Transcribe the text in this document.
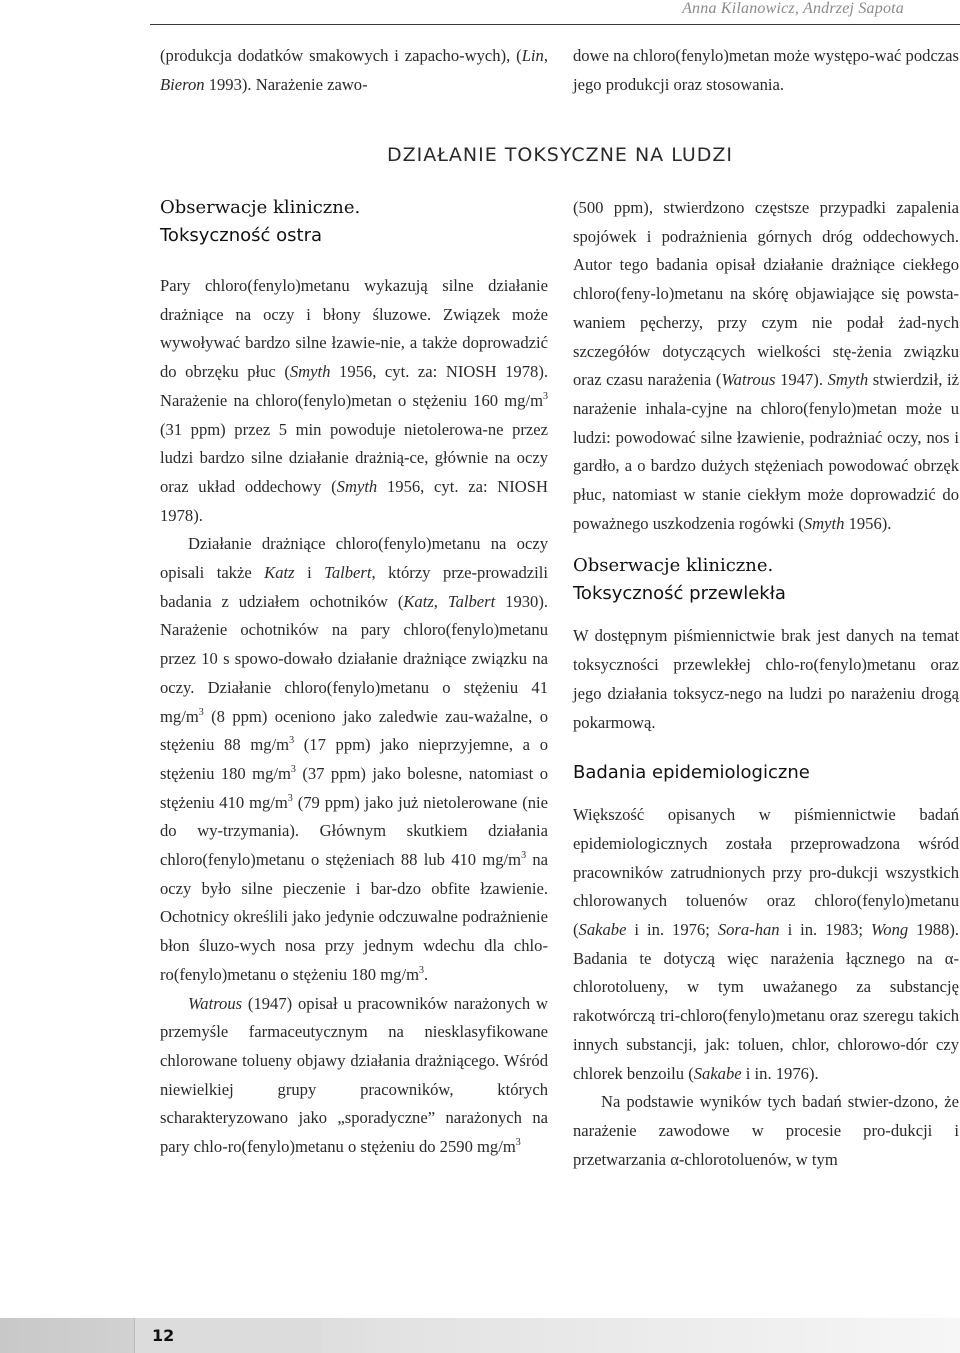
Anna Kilanowicz, Andrzej Sapota
(produkcja dodatków smakowych i zapacho-wych), (Lin, Bieron 1993). Narażenie zawo-
dowe na chloro(fenylo)metan może występo-wać podczas jego produkcji oraz stosowania.
DZIAŁANIE TOKSYCZNE NA LUDZI
Obserwacje kliniczne.
Toksyczność ostra

Pary chloro(fenylo)metanu wykazują silne działanie drażniące na oczy i błony śluzowe. Związek może wywoływać bardzo silne łzawie-nie, a także doprowadzić do obrzęku płuc (Smyth 1956, cyt. za: NIOSH 1978). Narażenie na chloro(fenylo)metan o stężeniu 160 $mg/m^3$ (31 ppm) przez 5 min powoduje nietolerowa-ne przez ludzi bardzo silne działanie drażnią-ce, głównie na oczy oraz układ oddechowy (Smyth 1956, cyt. za: NIOSH 1978).

Działanie drażniące chloro(fenylo)metanu na oczy opisali także Katz i Talbert, którzy prze-prowadzili badania z udziałem ochotników (Katz, Talbert 1930). Narażenie ochotników na pary chloro(fenylo)metanu przez 10 s spowo-dowało działanie drażniące związku na oczy. Działanie chloro(fenylo)metanu o stężeniu 41 $mg/m^3$ (8 ppm) oceniono jako zaledwie zau-ważalne, o stężeniu 88 $mg/m^3$ (17 ppm) jako nieprzyjemne, a o stężeniu 180 $mg/m^3$ (37 ppm) jako bolesne, natomiast o stężeniu 410 $mg/m^3$ (79 ppm) jako już nietolerowane (nie do wy-trzymania). Głównym skutkiem działania chloro(fenylo)metanu o stężeniach 88 lub 410 $mg/m^3$ na oczy było silne pieczenie i bar-dzo obfite łzawienie. Ochotnicy określili jako jedynie odczuwalne podrażnienie błon śluzo-wych nosa przy jednym wdechu dla chlo-ro(fenylo)metanu o stężeniu 180 $mg/m^3$.

Watrous (1947) opisał u pracowników narażonych w przemyśle farmaceutycznym na niesklasyfikowane chlorowane tolueny objawy działania drażniącego. Wśród niewielkiej grupy pracowników, których scharakteryzowano jako „sporadyczne” narażonych na pary chlo-ro(fenylo)metanu o stężeniu do 2590 $mg/m^3$

(500 ppm), stwierdzono częstsze przypadki zapalenia spojówek i podrażnienia górnych dróg oddechowych. Autor tego badania opisał działanie drażniące ciekłego chloro(feny-lo)metanu na skórę objawiające się powsta-waniem pęcherzy, przy czym nie podał żad-nych szczegółów dotyczących wielkości stę-żenia związku oraz czasu narażenia (Watrous 1947). Smyth stwierdził, iż narażenie inhala-cyjne na chloro(fenylo)metan może u ludzi: powodować silne łzawienie, podrażniać oczy, nos i gardło, a o bardzo dużych stężeniach powodować obrzęk płuc, natomiast w stanie ciekłym może doprowadzić do poważnego uszkodzenia rogówki (Smyth 1956).

Obserwacje kliniczne.
Toksyczność przewlekła

W dostępnym piśmiennictwie brak jest danych na temat toksyczności przewlekłej chlo-ro(fenylo)metanu oraz jego działania toksycz-nego na ludzi po narażeniu drogą pokarmową.

Badania epidemiologiczne

Większość opisanych w piśmiennictwie badań epidemiologicznych została przeprowadzona wśród pracowników zatrudnionych przy pro-dukcji wszystkich chlorowanych toluenów oraz chloro(fenylo)metanu (Sakabe i in. 1976; Sora-han i in. 1983; Wong 1988). Badania te dotyczą więc narażenia łącznego na α-chlorotolueny, w tym uważanego za substancję rakotwórczą tri-chloro(fenylo)metanu oraz szeregu takich innych substancji, jak: toluen, chlor, chlorowo-dór czy chlorek benzoilu (Sakabe i in. 1976).

Na podstawie wyników tych badań stwier-dzono, że narażenie zawodowe w procesie pro-dukcji i przetwarzania α-chlorotoluenów, w tym

12
